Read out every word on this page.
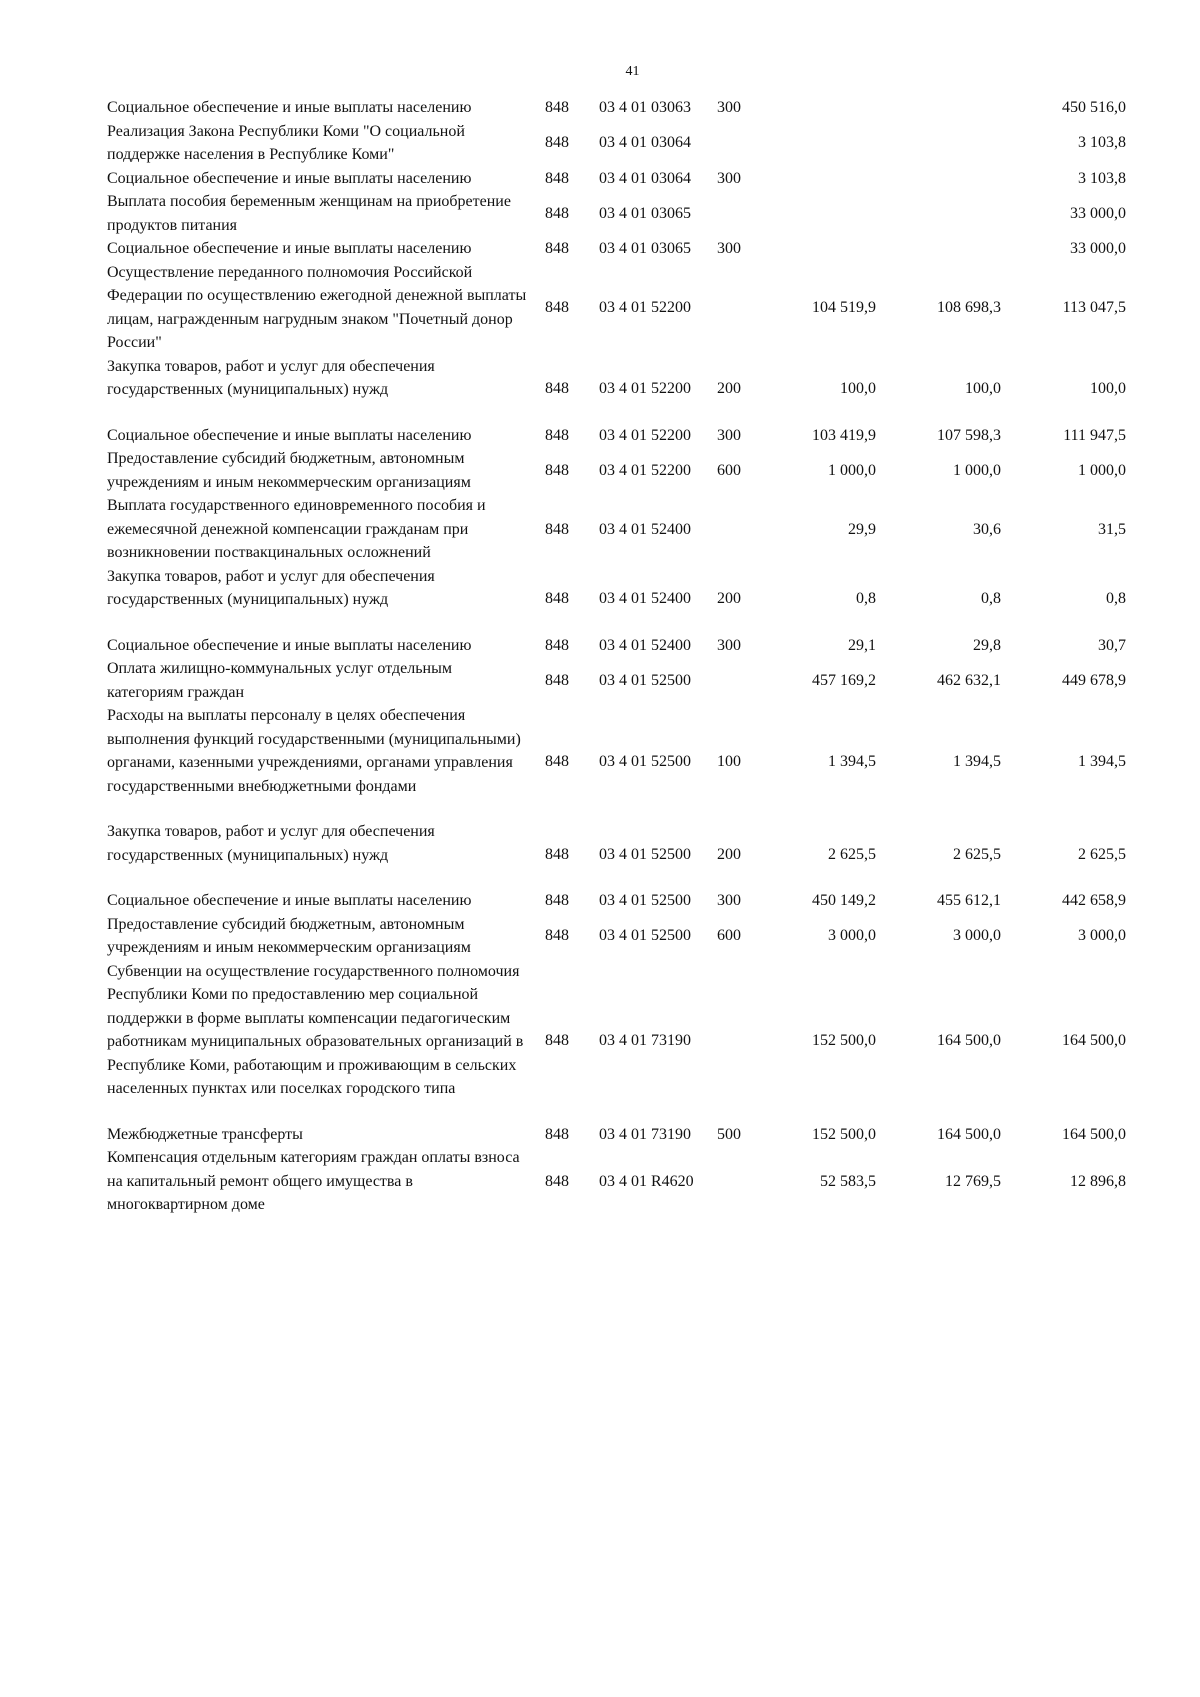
41
Социальное обеспечение и иные выплаты населению	848	03 4 01 03063	300			450 516,0
Реализация Закона Республики Коми "О социальной поддержке населения в Республике Коми"	848	03 4 01 03064				3 103,8
Социальное обеспечение и иные выплаты населению	848	03 4 01 03064	300			3 103,8
Выплата пособия беременным женщинам на приобретение продуктов питания	848	03 4 01 03065				33 000,0
Социальное обеспечение и иные выплаты населению	848	03 4 01 03065	300			33 000,0
Осуществление переданного полномочия Российской Федерации по осуществлению ежегодной денежной выплаты лицам, награжденным нагрудным знаком "Почетный донор России"	848	03 4 01 52200		104 519,9	108 698,3	113 047,5
Закупка товаров, работ и услуг для обеспечения государственных (муниципальных) нужд	848	03 4 01 52200	200	100,0	100,0	100,0
Социальное обеспечение и иные выплаты населению	848	03 4 01 52200	300	103 419,9	107 598,3	111 947,5
Предоставление субсидий бюджетным, автономным учреждениям и иным некоммерческим организациям	848	03 4 01 52200	600	1 000,0	1 000,0	1 000,0
Выплата государственного единовременного пособия и ежемесячной денежной компенсации гражданам при возникновении поствакцинальных осложнений	848	03 4 01 52400		29,9	30,6	31,5
Закупка товаров, работ и услуг для обеспечения государственных (муниципальных) нужд	848	03 4 01 52400	200	0,8	0,8	0,8
Социальное обеспечение и иные выплаты населению	848	03 4 01 52400	300	29,1	29,8	30,7
Оплата жилищно-коммунальных услуг отдельным категориям граждан	848	03 4 01 52500		457 169,2	462 632,1	449 678,9
Расходы на выплаты персоналу в целях обеспечения выполнения функций государственными (муниципальными) органами, казенными учреждениями, органами управления государственными внебюджетными фондами	848	03 4 01 52500	100	1 394,5	1 394,5	1 394,5
Закупка товаров, работ и услуг для обеспечения государственных (муниципальных) нужд	848	03 4 01 52500	200	2 625,5	2 625,5	2 625,5
Социальное обеспечение и иные выплаты населению	848	03 4 01 52500	300	450 149,2	455 612,1	442 658,9
Предоставление субсидий бюджетным, автономным учреждениям и иным некоммерческим организациям	848	03 4 01 52500	600	3 000,0	3 000,0	3 000,0
Субвенции на осуществление государственного полномочия Республики Коми по предоставлению мер социальной поддержки в форме выплаты компенсации педагогическим работникам муниципальных образовательных организаций в Республике Коми, работающим и проживающим в сельских населенных пунктах или поселках городского типа	848	03 4 01 73190		152 500,0	164 500,0	164 500,0
Межбюджетные трансферты	848	03 4 01 73190	500	152 500,0	164 500,0	164 500,0
Компенсация отдельным категориям граждан оплаты взноса на капитальный ремонт общего имущества в многоквартирном доме	848	03 4 01 R4620		52 583,5	12 769,5	12 896,8
